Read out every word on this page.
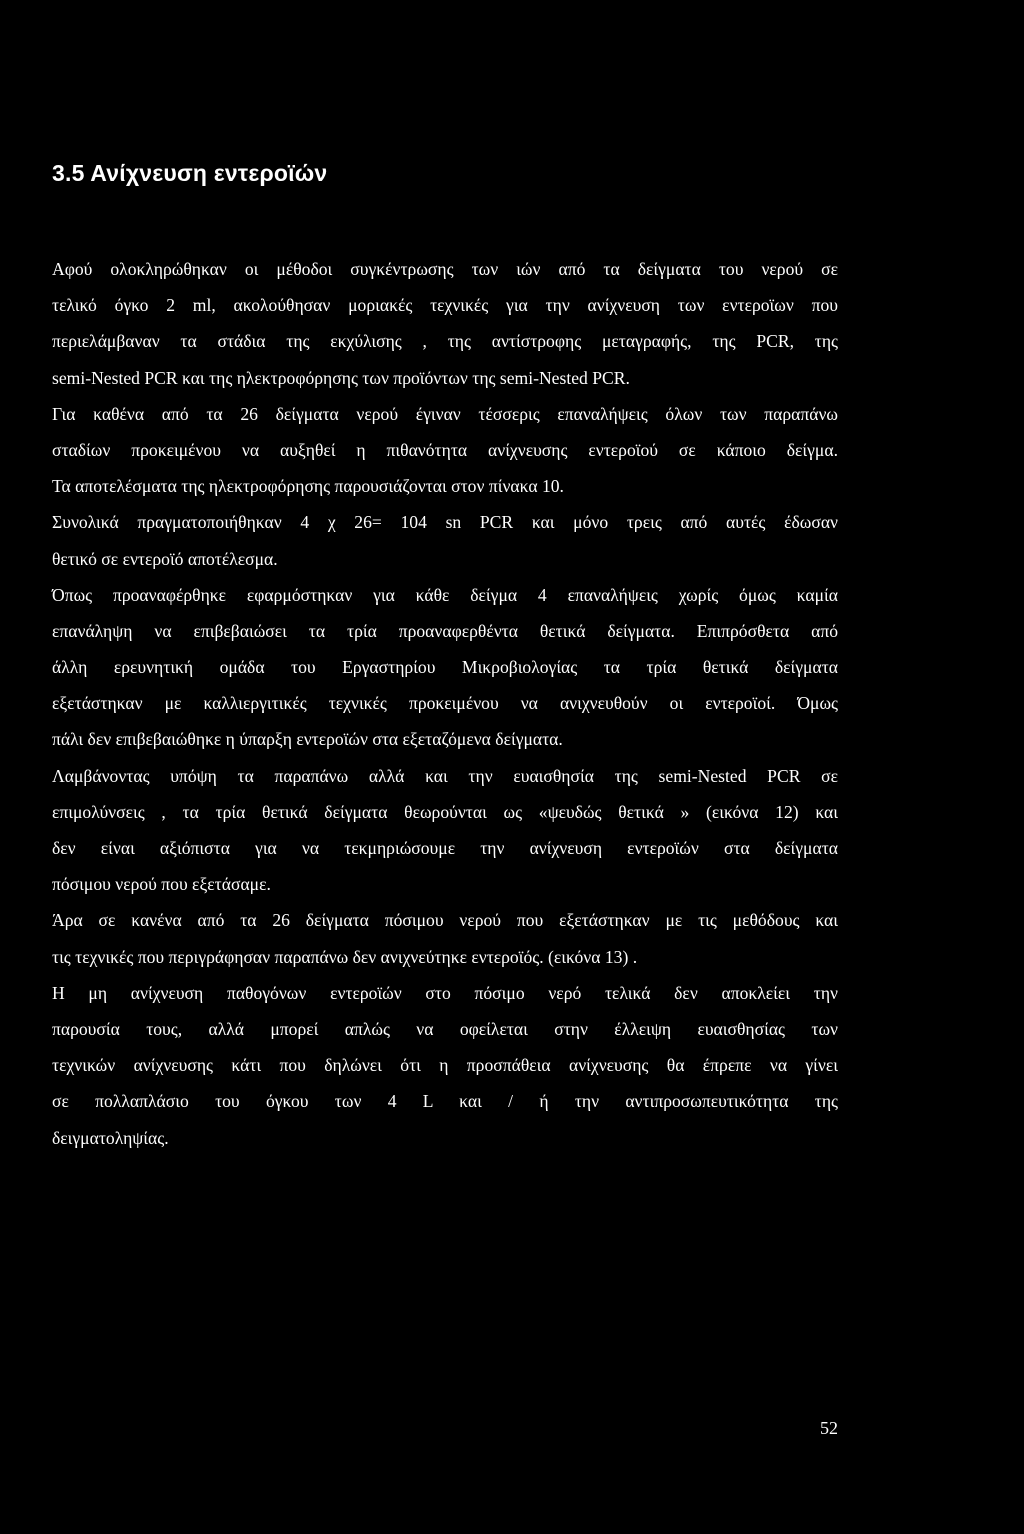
3.5 Ανίχνευση εντεροϊών
Αφού ολοκληρώθηκαν οι μέθοδοι συγκέντρωσης των ιών από τα δείγματα του νερού σε
τελικό όγκο 2 ml, ακολούθησαν μοριακές τεχνικές για την ανίχνευση των εντεροϊων που
περιελάμβαναν τα στάδια της εκχύλισης , της αντίστροφης μεταγραφής, της PCR, της
semi-Nested PCR και της ηλεκτροφόρησης των προϊόντων της semi-Nested PCR.
Για καθένα από τα 26 δείγματα νερού έγιναν τέσσερις επαναλήψεις όλων των παραπάνω
σταδίων προκειμένου να αυξηθεί η πιθανότητα ανίχνευσης εντεροϊού σε κάποιο δείγμα.
Τα αποτελέσματα της ηλεκτροφόρησης παρουσιάζονται στον πίνακα 10.
Συνολικά πραγματοποιήθηκαν 4 χ 26= 104 sn PCR και μόνο τρεις από αυτές έδωσαν
θετικό σε εντεροϊό αποτέλεσμα.
Όπως προαναφέρθηκε εφαρμόστηκαν για κάθε δείγμα 4 επαναλήψεις χωρίς όμως καμία
επανάληψη να επιβεβαιώσει τα τρία προαναφερθέντα θετικά δείγματα. Επιπρόσθετα από
άλλη ερευνητική ομάδα του Εργαστηρίου Μικροβιολογίας τα τρία θετικά δείγματα
εξετάστηκαν με καλλιεργιτικές τεχνικές προκειμένου να ανιχνευθούν οι εντεροϊοί. Όμως
πάλι δεν επιβεβαιώθηκε η ύπαρξη εντεροϊών στα εξεταζόμενα δείγματα.
Λαμβάνοντας υπόψη τα παραπάνω αλλά και την ευαισθησία της semi-Nested PCR σε
επιμολύνσεις , τα τρία θετικά δείγματα θεωρούνται ως «ψευδώς θετικά » (εικόνα 12) και
δεν είναι αξιόπιστα για να τεκμηριώσουμε την ανίχνευση εντεροϊών στα δείγματα
πόσιμου νερού που εξετάσαμε.
Άρα σε κανένα από τα 26 δείγματα πόσιμου νερού που εξετάστηκαν με τις μεθόδους και
τις τεχνικές που περιγράφησαν παραπάνω δεν ανιχνεύτηκε εντεροϊός. (εικόνα 13) .
Η μη ανίχνευση παθογόνων εντεροϊών στο πόσιμο νερό τελικά δεν αποκλείει την
παρουσία τους, αλλά μπορεί απλώς να οφείλεται στην έλλειψη ευαισθησίας των
τεχνικών ανίχνευσης κάτι που δηλώνει ότι η προσπάθεια ανίχνευσης θα έπρεπε να γίνει
σε πολλαπλάσιο του όγκου των 4 L και / ή την αντιπροσωπευτικότητα της
δειγματοληψίας.
52
